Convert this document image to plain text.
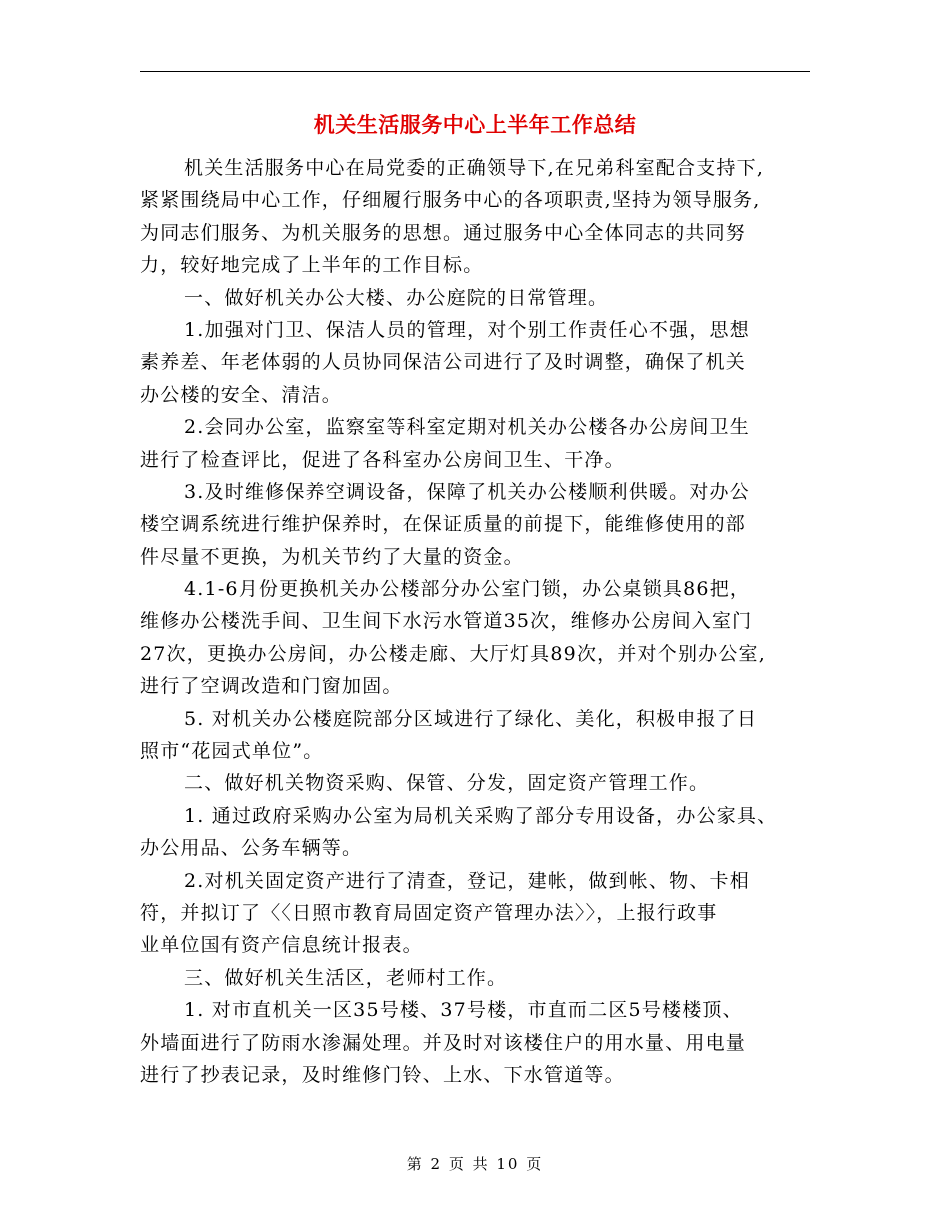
机关生活服务中心上半年工作总结
机关生活服务中心在局党委的正确领导下,在兄弟科室配合支持下,
紧紧围绕局中心工作，仔细履行服务中心的各项职责,坚持为领导服务,
为同志们服务、为机关服务的思想。通过服务中心全体同志的共同努
力，较好地完成了上半年的工作目标。
一、做好机关办公大楼、办公庭院的日常管理。
1.加强对门卫、保洁人员的管理，对个别工作责任心不强，思想
素养差、年老体弱的人员协同保洁公司进行了及时调整，确保了机关
办公楼的安全、清洁。
2.会同办公室，监察室等科室定期对机关办公楼各办公房间卫生
进行了检查评比，促进了各科室办公房间卫生、干净。
3.及时维修保养空调设备，保障了机关办公楼顺利供暖。对办公
楼空调系统进行维护保养时，在保证质量的前提下，能维修使用的部
件尽量不更换，为机关节约了大量的资金。
4.1-6月份更换机关办公楼部分办公室门锁，办公桌锁具86把，
维修办公楼洗手间、卫生间下水污水管道35次，维修办公房间入室门
27次，更换办公房间，办公楼走廊、大厅灯具89次，并对个别办公室,
进行了空调改造和门窗加固。
5. 对机关办公楼庭院部分区域进行了绿化、美化，积极申报了日
照市“花园式单位”。
二、做好机关物资采购、保管、分发，固定资产管理工作。
1. 通过政府采购办公室为局机关采购了部分专用设备，办公家具、
办公用品、公务车辆等。
2.对机关固定资产进行了清查，登记，建帐，做到帐、物、卡相
符，并拟订了〈〈日照市教育局固定资产管理办法〉〉，上报行政事
业单位国有资产信息统计报表。
三、做好机关生活区，老师村工作。
1. 对市直机关一区35号楼、37号楼，市直而二区5号楼楼顶、
外墙面进行了防雨水渗漏处理。并及时对该楼住户的用水量、用电量
进行了抄表记录，及时维修门铃、上水、下水管道等。
第 2 页 共 10 页
